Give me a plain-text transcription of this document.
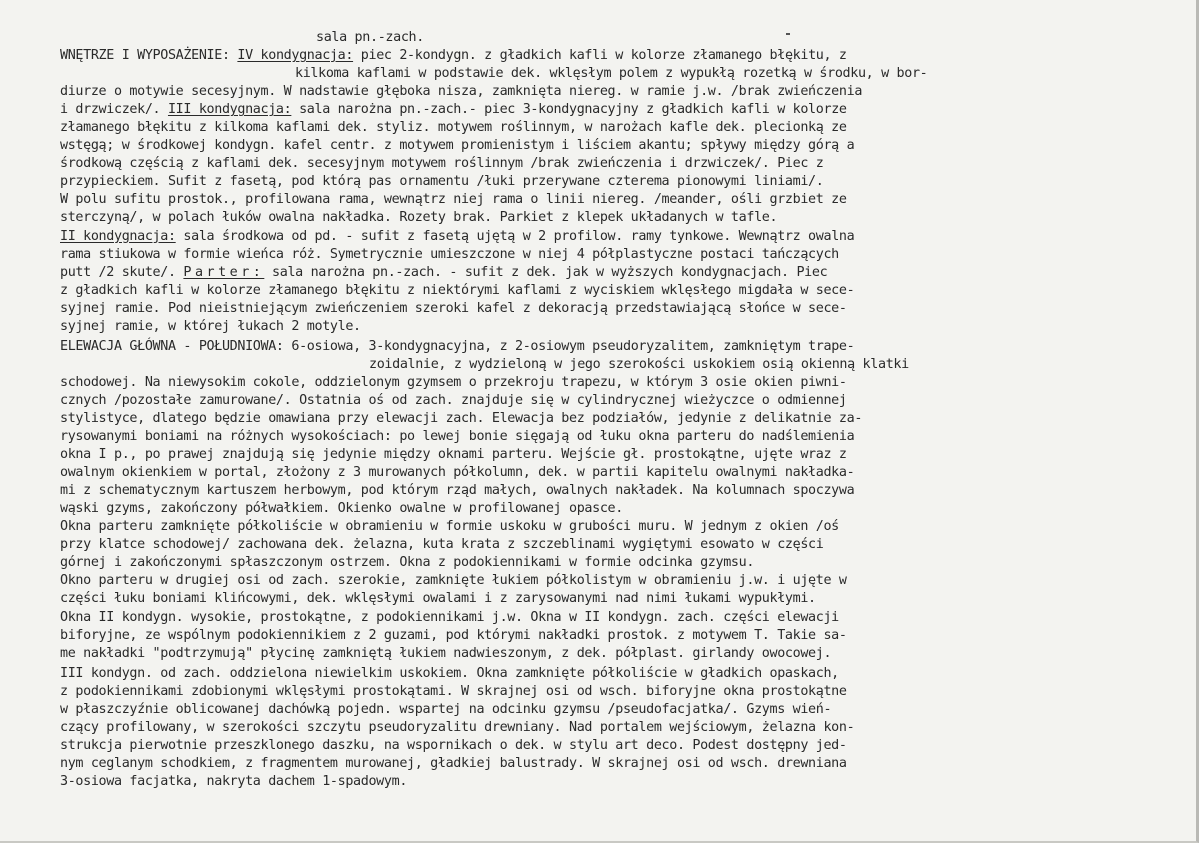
sala pn.-zach.
WNĘTRZE I WYPOSAŻENIE: IV kondygnacja: piec 2-kondygn. z gładkich kafli w kolorze złamanego błękitu, z
kilkoma kaflami w podstawie dek. wklęsłym polem z wypukłą rozetką w środku, w bor-
diurze o motywie secesyjnym. W nadstawie głęboka nisza, zamknięta niereg. w ramie j.w. /brak zwieńczenia
i drzwiczek/. III kondygnacja: sala narożna pn.-zach.- piec 3-kondygnacyjny z gładkich kafli w kolorze
złamanego błękitu z kilkoma kaflami dek. styliz. motywem roślinnym, w narożach kafle dek. plecionką ze
wstęgą; w środkowej kondygn. kafel centr. z motywem promienistym i liściem akantu; spływy między górą a
środkową częścią z kaflami dek. secesyjnym motywem roślinnym /brak zwieńczenia i drzwiczek/. Piec z
przypieckiem. Sufit z fasetą, pod którą pas ornamentu /łuki przerywane czterema pionowymi liniami/.
W polu sufitu prostok., profilowana rama, wewnątrz niej rama o linii niereg. /meander, ośli grzbiet ze
sterczyną/, w polach łuków owalna nakładka. Rozety brak. Parkiet z klepek układanych w tafle.
II kondygnacja: sala środkowa od pd. - sufit z fasetą ujętą w 2 profilow. ramy tynkowe. Wewnątrz owalna
rama stiukowa w formie wieńca róż. Symetrycznie umieszczone w niej 4 półplastyczne postaci tańczących
putt /2 skute/. Parter: sala narożna pn.-zach. - sufit z dek. jak w wyższych kondygnacjach. Piec
z gładkich kafli w kolorze złamanego błękitu z niektórymi kaflami z wyciskiem wklęsłego migdała w sece-
syjnej ramie. Pod nieistniejącym zwieńczeniem szeroki kafel z dekoracją przedstawiającą słońce w sece-
syjnej ramie, w której łukach 2 motyle.
ELEWACJA GŁÓWNA - POŁUDNIOWA: 6-osiowa, 3-kondygnacyjna, z 2-osiowym pseudoryzalitem, zamkniętym trape-
zoidalnie, z wydzieloną w jego szerokości uskokiem osią okienną klatki
schodowej. Na niewysokim cokole, oddzielonym gzymsem o przekroju trapezu, w którym 3 osie okien piwni-
cznych /pozostałe zamurowane/. Ostatnia oś od zach. znajduje się w cylindrycznej wieżyczce o odmiennej
stylistyce, dlatego będzie omawiana przy elewacji zach. Elewacja bez podziałów, jedynie z delikatnie za-
rysowanymi boniami na różnych wysokościach: po lewej bonie sięgają od łuku okna parteru do nadślemienia
okna I p., po prawej znajdują się jedynie między oknami parteru. Wejście gł. prostokątne, ujęte wraz z
owalnym okienkiem w portal, złożony z 3 murowanych półkolumn, dek. w partii kapitelu owalnymi nakładka-
mi z schematycznym kartuszem herbowym, pod którym rząd małych, owalnych nakładek. Na kolumnach spoczywa
wąski gzyms, zakończony półwałkiem. Okienko owalne w profilowanej opasce.
Okna parteru zamknięte półkoliście w obramieniu w formie uskoku w grubości muru. W jednym z okien /oś
przy klatce schodowej/ zachowana dek. żelazna, kuta krata z szczeblinami wygiętymi esowato w części
górnej i zakończonymi spłaszczonym ostrzem. Okna z podokiennikami w formie odcinka gzymsu.
Okno parteru w drugiej osi od zach. szerokie, zamknięte łukiem półkolistym w obramieniu j.w. i ujęte w
części łuku boniami klińcowymi, dek. wklęsłymi owalami i z zarysowanymi nad nimi łukami wypukłymi.
Okna II kondygn. wysokie, prostokątne, z podokiennikami j.w. Okna w II kondygn. zach. części elewacji
biforyjne, ze wspólnym podokiennikiem z 2 guzami, pod którymi nakładki prostok. z motywem T. Takie sa-
me nakładki "podtrzymują" płycinę zamkniętą łukiem nadwieszonym, z dek. półplast. girlandy owocowej.
III kondygn. od zach. oddzielona niewielkim uskokiem. Okna zamknięte półkoliście w gładkich opaskach,
z podokiennikami zdobionymi wklęsłymi prostokątami. W skrajnej osi od wsch. biforyjne okna prostokątne
w płaszczyźnie oblicowanej dachówką pojedn. wspartej na odcinku gzymsu /pseudofacjatka/. Gzyms wień-
czący profilowany, w szerokości szczytu pseudoryzalitu drewniany. Nad portalem wejściowym, żelazna kon-
strukcja pierwotnie przeszklonego daszku, na wspornikach o dek. w stylu art deco. Podest dostępny jed-
nym ceglanym schodkiem, z fragmentem murowanej, gładkiej balustrady. W skrajnej osi od wsch. drewniana
3-osiowa facjatka, nakryta dachem 1-spadowym.
